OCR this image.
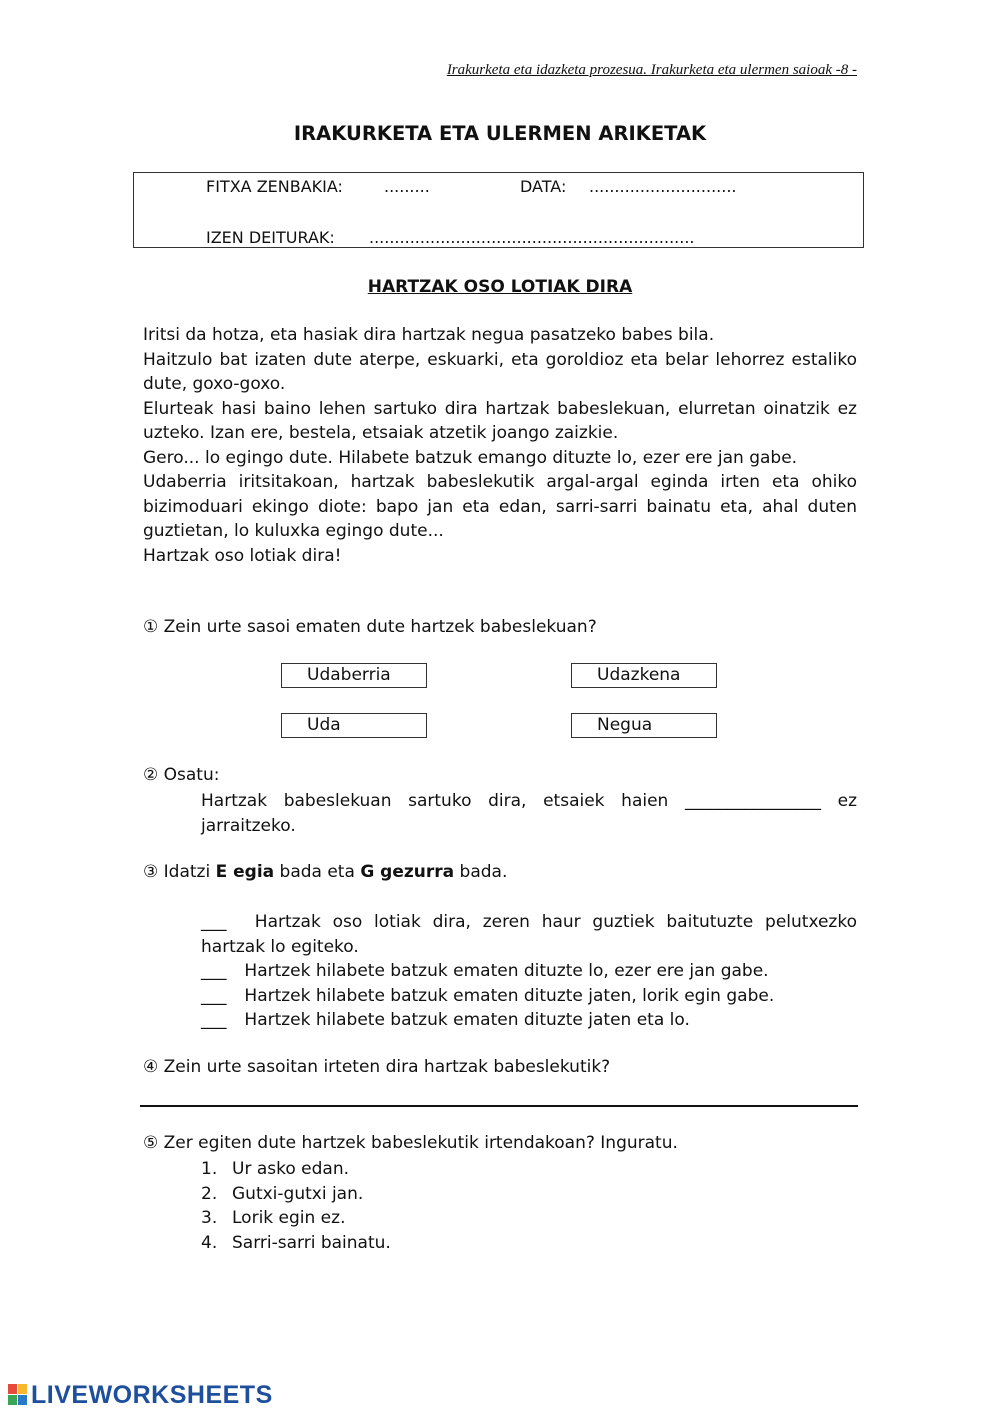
Irakurketa eta idazketa prozesua. Irakurketa eta ulermen saioak -8 -
IRAKURKETA ETA ULERMEN ARIKETAK
FITXA ZENBAKIA:	.........	DATA: .............................
IZEN DEITURAK: ................................................................
HARTZAK OSO LOTIAK DIRA

Iritsi da hotza, eta hasiak dira hartzak negua pasatzeko babes bila.

Haitzulo bat izaten dute aterpe, eskuarki, eta goroldioz eta belar lehorrez estaliko dute, goxo-goxo.

Elurteak hasi baino lehen sartuko dira hartzak babeslekuan, elurretan oinatzik ez uzteko. Izan ere, bestela, etsaiak atzetik joango zaizkie.

Gero... lo egingo dute. Hilabete batzuk emango dituzte lo, ezer ere jan gabe.

Udaberria iritsitakoan, hartzak babeslekutik argal-argal eginda irten eta ohiko bizimoduari ekingo diote: bapo jan eta edan, sarri-sarri bainatu eta, ahal duten guztietan, lo kuluxka egingo dute...

Hartzak oso lotiak dira!

① Zein urte sasoi ematen dute hartzek babeslekuan?
Udaberria	Udazkena
Uda	Negua
② Osatu:
Hartzak babeslekuan sartuko dira, etsaiek haien ________________ ez jarraitzeko.
③ Idatzi E egia bada eta G gezurra bada.
___ Hartzak oso lotiak dira, zeren haur guztiek baitutuzte pelutxezko hartzak lo egiteko.
___ Hartzek hilabete batzuk ematen dituzte lo, ezer ere jan gabe.
___ Hartzek hilabete batzuk ematen dituzte jaten, lorik egin gabe.
___ Hartzek hilabete batzuk ematen dituzte jaten eta lo.
④ Zein urte sasoitan irteten dira hartzak babeslekutik?
⑤ Zer egiten dute hartzek babeslekutik irtendakoan? Inguratu.
1. Ur asko edan.
2. Gutxi-gutxi jan.
3. Lorik egin ez.
4. Sarri-sarri bainatu.
LIVEWORKSHEETS
